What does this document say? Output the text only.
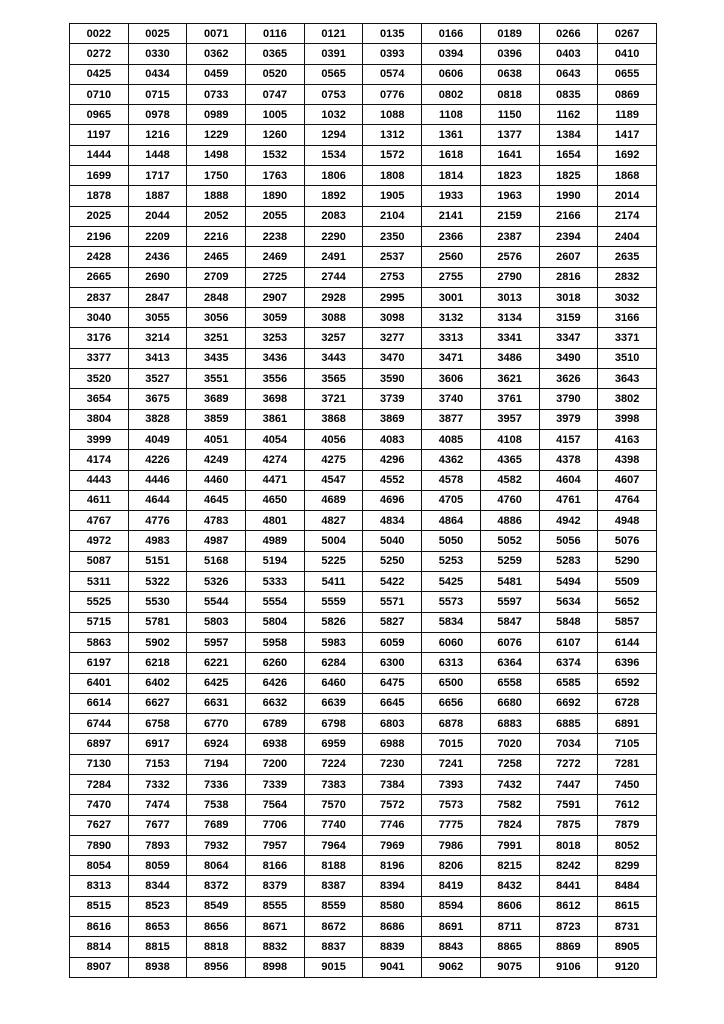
0022	0025	0071	0116	0121	0135	0166	0189	0266	0267
0272	0330	0362	0365	0391	0393	0394	0396	0403	0410
0425	0434	0459	0520	0565	0574	0606	0638	0643	0655
0710	0715	0733	0747	0753	0776	0802	0818	0835	0869
0965	0978	0989	1005	1032	1088	1108	1150	1162	1189
1197	1216	1229	1260	1294	1312	1361	1377	1384	1417
1444	1448	1498	1532	1534	1572	1618	1641	1654	1692
1699	1717	1750	1763	1806	1808	1814	1823	1825	1868
1878	1887	1888	1890	1892	1905	1933	1963	1990	2014
2025	2044	2052	2055	2083	2104	2141	2159	2166	2174
2196	2209	2216	2238	2290	2350	2366	2387	2394	2404
2428	2436	2465	2469	2491	2537	2560	2576	2607	2635
2665	2690	2709	2725	2744	2753	2755	2790	2816	2832
2837	2847	2848	2907	2928	2995	3001	3013	3018	3032
3040	3055	3056	3059	3088	3098	3132	3134	3159	3166
3176	3214	3251	3253	3257	3277	3313	3341	3347	3371
3377	3413	3435	3436	3443	3470	3471	3486	3490	3510
3520	3527	3551	3556	3565	3590	3606	3621	3626	3643
3654	3675	3689	3698	3721	3739	3740	3761	3790	3802
3804	3828	3859	3861	3868	3869	3877	3957	3979	3998
3999	4049	4051	4054	4056	4083	4085	4108	4157	4163
4174	4226	4249	4274	4275	4296	4362	4365	4378	4398
4443	4446	4460	4471	4547	4552	4578	4582	4604	4607
4611	4644	4645	4650	4689	4696	4705	4760	4761	4764
4767	4776	4783	4801	4827	4834	4864	4886	4942	4948
4972	4983	4987	4989	5004	5040	5050	5052	5056	5076
5087	5151	5168	5194	5225	5250	5253	5259	5283	5290
5311	5322	5326	5333	5411	5422	5425	5481	5494	5509
5525	5530	5544	5554	5559	5571	5573	5597	5634	5652
5715	5781	5803	5804	5826	5827	5834	5847	5848	5857
5863	5902	5957	5958	5983	6059	6060	6076	6107	6144
6197	6218	6221	6260	6284	6300	6313	6364	6374	6396
6401	6402	6425	6426	6460	6475	6500	6558	6585	6592
6614	6627	6631	6632	6639	6645	6656	6680	6692	6728
6744	6758	6770	6789	6798	6803	6878	6883	6885	6891
6897	6917	6924	6938	6959	6988	7015	7020	7034	7105
7130	7153	7194	7200	7224	7230	7241	7258	7272	7281
7284	7332	7336	7339	7383	7384	7393	7432	7447	7450
7470	7474	7538	7564	7570	7572	7573	7582	7591	7612
7627	7677	7689	7706	7740	7746	7775	7824	7875	7879
7890	7893	7932	7957	7964	7969	7986	7991	8018	8052
8054	8059	8064	8166	8188	8196	8206	8215	8242	8299
8313	8344	8372	8379	8387	8394	8419	8432	8441	8484
8515	8523	8549	8555	8559	8580	8594	8606	8612	8615
8616	8653	8656	8671	8672	8686	8691	8711	8723	8731
8814	8815	8818	8832	8837	8839	8843	8865	8869	8905
8907	8938	8956	8998	9015	9041	9062	9075	9106	9120
